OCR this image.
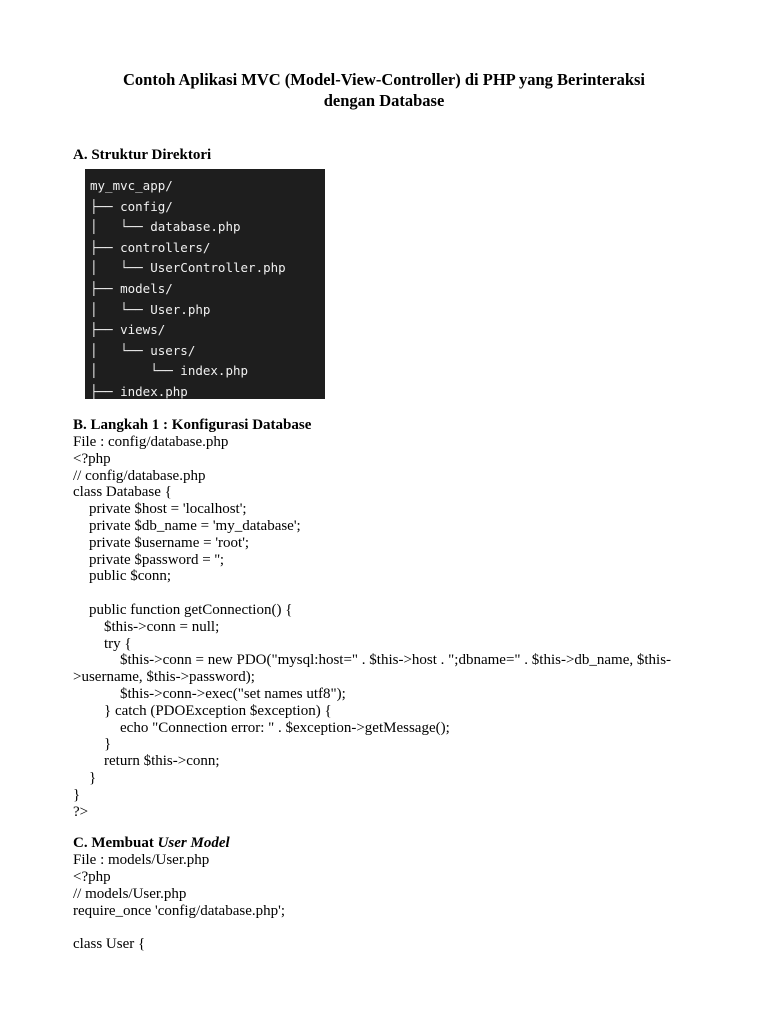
Contoh Aplikasi MVC (Model-View-Controller) di PHP yang Berinteraksi
dengan Database
A. Struktur Direktori
my_mvc_app/
├── config/
│   └── database.php
├── controllers/
│   └── UserController.php
├── models/
│   └── User.php
├── views/
│   └── users/
│       └── index.php
├── index.php
B. Langkah 1 : Konfigurasi Database
File : config/database.php
<?php
// config/database.php
class Database {
private $host = 'localhost';
private $db_name = 'my_database';
private $username = 'root';
private $password = '';
public $conn;
public function getConnection() {
$this->conn = null;
try {
$this->conn = new PDO("mysql:host=" . $this->host . ";dbname=" . $this->db_name, $this-
>username, $this->password);
$this->conn->exec("set names utf8");
} catch (PDOException $exception) {
echo "Connection error: " . $exception->getMessage();
}
return $this->conn;
}
}
?>
C. Membuat User Model
File : models/User.php
<?php
// models/User.php
require_once 'config/database.php';
class User {
